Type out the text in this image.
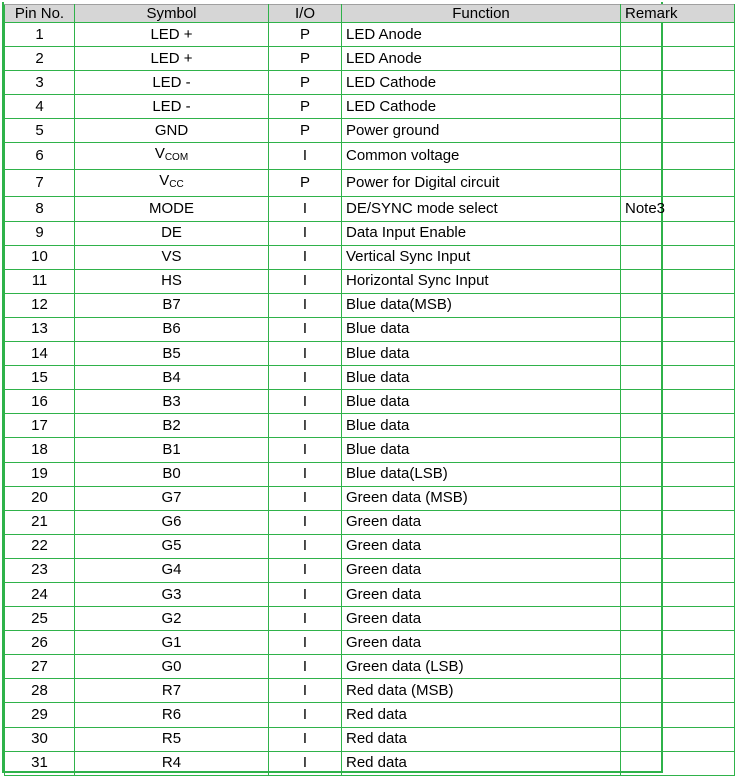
Pin No.	Symbol	I/O	Function	Remark
1	LED +	P	LED Anode	
2	LED +	P	LED Anode	
3	LED -	P	LED Cathode	
4	LED -	P	LED Cathode	
5	GND	P	Power ground	
6	$V_{COM}$	I	Common voltage	
7	$V_{CC}$	P	Power for Digital circuit	
8	MODE	I	DE/SYNC mode select	Note3
9	DE	I	Data Input Enable	
10	VS	I	Vertical Sync Input	
11	HS	I	Horizontal Sync Input	
12	B7	I	Blue data(MSB)	
13	B6	I	Blue data	
14	B5	I	Blue data	
15	B4	I	Blue data	
16	B3	I	Blue data	
17	B2	I	Blue data	
18	B1	I	Blue data	
19	B0	I	Blue data(LSB)	
20	G7	I	Green data (MSB)	
21	G6	I	Green data	
22	G5	I	Green data	
23	G4	I	Green data	
24	G3	I	Green data	
25	G2	I	Green data	
26	G1	I	Green data	
27	G0	I	Green data (LSB)	
28	R7	I	Red data (MSB)	
29	R6	I	Red data	
30	R5	I	Red data	
31	R4	I	Red data	
